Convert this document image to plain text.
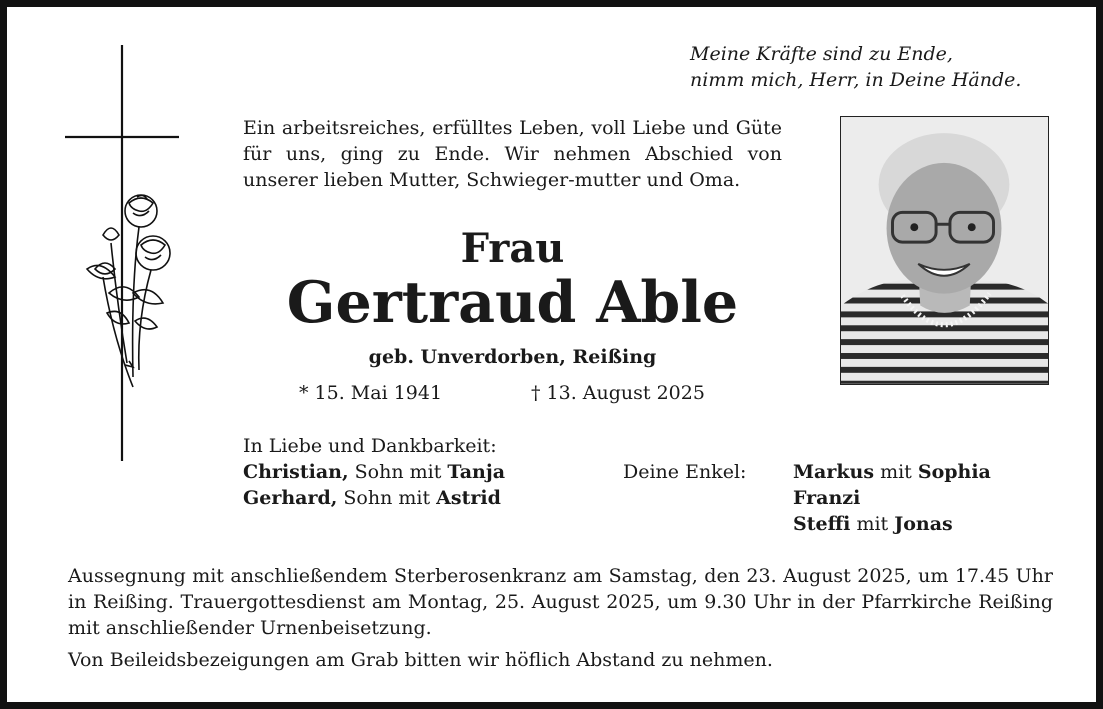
Meine Kräfte sind zu Ende,
nimm mich, Herr, in Deine Hände.
Ein arbeitsreiches, erfülltes Leben, voll Liebe und Güte für uns, ging zu Ende. Wir nehmen Abschied von unserer lieben Mutter, Schwieger-mutter und Oma.
Frau
Gertraud Able
geb. Unverdorben, Reißing
* 15. Mai 1941	† 13. August 2025
In Liebe und Dankbarkeit:
Christian, Sohn mit Tanja
Gerhard, Sohn mit Astrid
Deine Enkel: Markus mit Sophia
Franzi
Steffi mit Jonas

Aussegnung mit anschließendem Sterberosenkranz am Samstag, den 23. August 2025, um 17.45 Uhr in Reißing. Trauergottesdienst am Montag, 25. August 2025, um 9.30 Uhr in der Pfarrkirche Reißing mit anschließender Urnenbeisetzung.

Von Beileidsbezeigungen am Grab bitten wir höflich Abstand zu nehmen.
